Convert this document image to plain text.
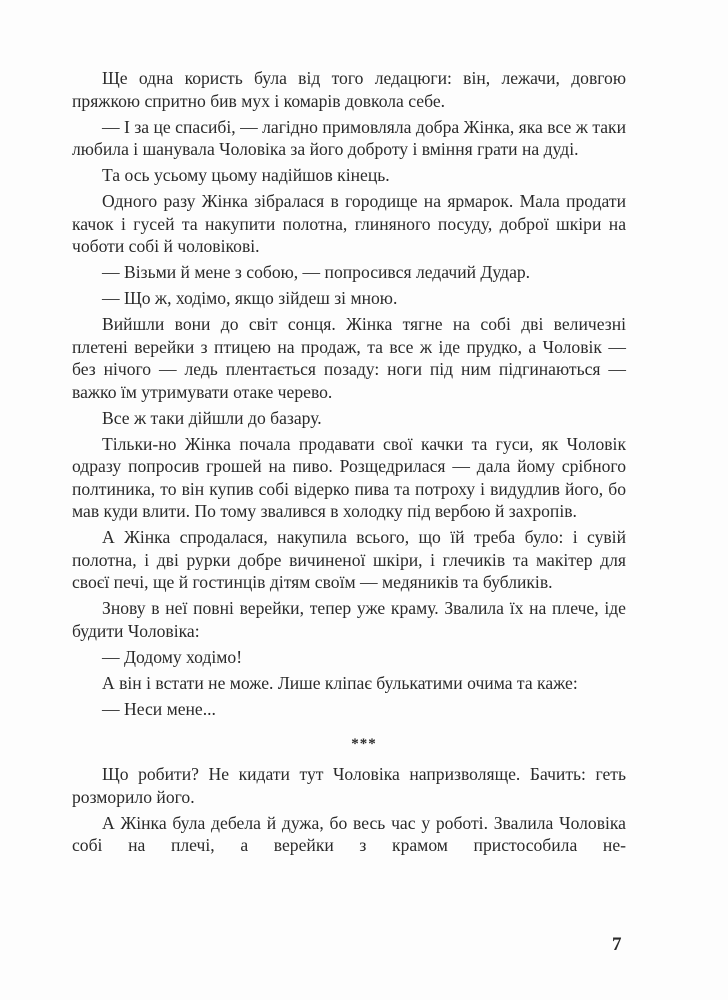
Ще одна користь була від того ледацюги: він, лежачи, довгою пряжкою спритно бив мух і комарів довкола себе.

— І за це спасибі, — лагідно примовляла добра Жінка, яка все ж таки любила і шанувала Чоловіка за його доброту і вміння грати на дуді.

Та ось усьому цьому надійшов кінець.

Одного разу Жінка зібралася в городище на ярмарок. Мала продати качок і гусей та накупити полотна, глиняного посуду, доброї шкіри на чоботи собі й чоловікові.

— Візьми й мене з собою, — попросився ледачий Дудар.

— Що ж, ходімо, якщо зійдеш зі мною.

Вийшли вони до світ сонця. Жінка тягне на собі дві величезні плетені верейки з птицею на продаж, та все ж іде прудко, а Чоловік — без нічого — ледь плентається позаду: ноги під ним підгинаються — важко їм утримувати отаке черево.

Все ж таки дійшли до базару.

Тільки-но Жінка почала продавати свої качки та гуси, як Чоловік одразу попросив грошей на пиво. Розщедрилася — дала йому срібного полтиника, то він купив собі відерко пива та потроху і видудлив його, бо мав куди влити. По тому звалився в холодку під вербою й захропів.

А Жінка спродалася, накупила всього, що їй треба було: і сувій полотна, і дві рурки добре вичиненої шкіри, і глечиків та макітер для своєї печі, ще й гостинців дітям своїм — медяників та бубликів.

Знову в неї повні верейки, тепер уже краму. Звалила їх на плече, іде будити Чоловіка:

— Додому ходімо!

А він і встати не може. Лише кліпає булькатими очима та каже:

— Неси мене...

***

Що робити? Не кидати тут Чоловіка напризволяще. Бачить: геть розморило його.

А Жінка була дебела й дужа, бо весь час у роботі. Звалила Чоловіка собі на плечі, а верейки з крамом пристособила не-

7
